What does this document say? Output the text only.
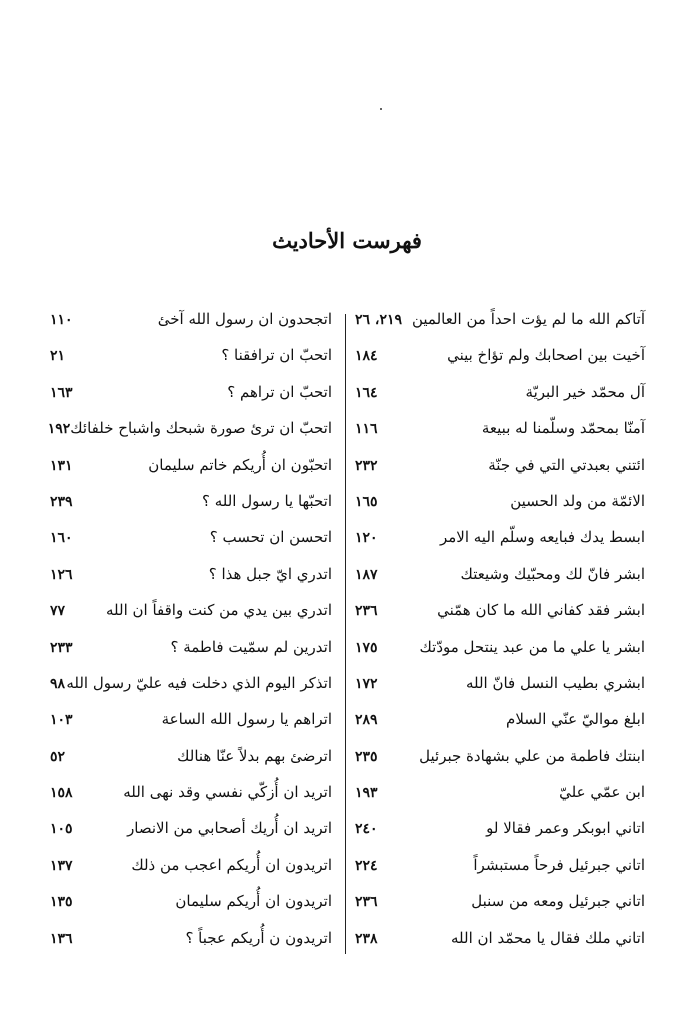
فهرست الأحاديث
آتاكم الله ما لم يؤت احداً من العالمين
٢١٩، ٢٦
آخيت بين اصحابك ولم تؤاخ بيني
١٨٤
آل محمّد خير البريّة
١٦٤
آمنّا بمحمّد وسلّمنا له ببيعة
١١٦
ائتني بعبدتي التي في جنّة
٢٣٢
الائمّة من ولد الحسين
١٦٥
ابسط يدك فبايعه وسلّم اليه الامر
١٢٠
ابشر فانّ لك ومحبّيك وشيعتك
١٨٧
ابشر فقد كفاني الله ما كان همّني
٢٣٦
ابشر يا علي ما من عبد ينتحل مودّتك
١٧٥
ابشري بطيب النسل فانّ الله
١٧٢
ابلغ مواليّ عنّي السلام
٢٨٩
ابنتك فاطمة من علي بشهادة جبرئيل
٢٣٥
ابن عمّي عليّ
١٩٣
اتاني ابوبكر وعمر فقالا لو
٢٤٠
اتاني جبرئيل فرحاً مستبشراً
٢٢٤
اتاني جبرئيل ومعه من سنبل
٢٣٦
اتاني ملك فقال يا محمّد ان الله
٢٣٨
اتجحدون ان رسول الله آخئ
١١٠
اتحبّ ان ترافقنا ؟
٢١
اتحبّ ان تراهم ؟
١٦٣
اتحبّ ان ترئ صورة شبحك واشباح خلفائك
١٩٢
اتحبّون ان أُريكم خاتم سليمان
١٣١
اتحبّها يا رسول الله ؟
٢٣٩
اتحسن ان تحسب ؟
١٦٠
اتدري ايّ جبل هذا ؟
١٢٦
اتدري بين يدي من كنت واقفاً ان الله
٧٧
اتدرين لم سمّيت فاطمة ؟
٢٣٣
اتذكر اليوم الذي دخلت فيه عليّ رسول الله
٩٨
اتراهم يا رسول الله الساعة
١٠٣
اترضئ بهم بدلاً عنّا هنالك
٥٢
اتريد ان أُزكّي نفسي وقد نهى الله
١٥٨
اتريد ان أُريك أصحابي من الانصار
١٠٥
اتريدون ان أُريكم اعجب من ذلك
١٣٧
اتريدون ان أُريكم سليمان
١٣٥
اتريدون ن أُريكم عجباً ؟
١٣٦
